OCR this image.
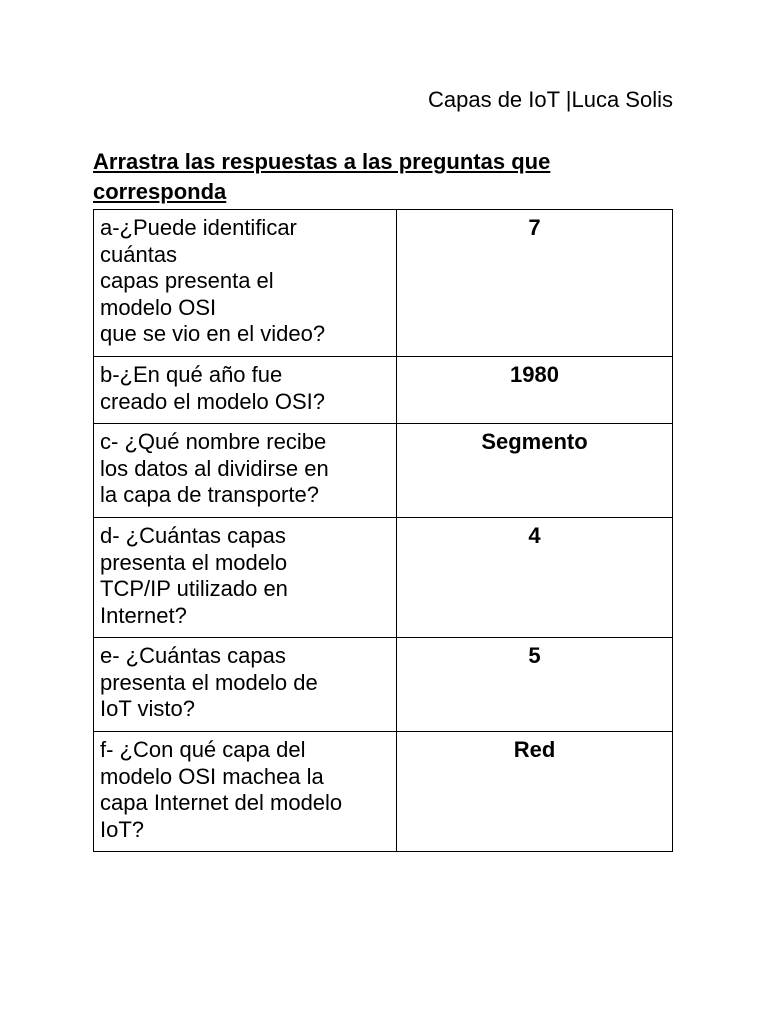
Capas de IoT |Luca Solis
Arrastra las respuestas a las preguntas que corresponda
a-¿Puede identificar
cuántas
capas presenta el
modelo OSI
que se vio en el video?	7
b-¿En qué año fue
creado el modelo OSI?	1980
c- ¿Qué nombre recibe
los datos al dividirse en
la capa de transporte?	Segmento
d- ¿Cuántas capas
presenta el modelo
TCP/IP utilizado en
Internet?	4
e- ¿Cuántas capas
presenta el modelo de
IoT visto?	5
f- ¿Con qué capa del
modelo OSI machea la
capa Internet del modelo
IoT?	Red
